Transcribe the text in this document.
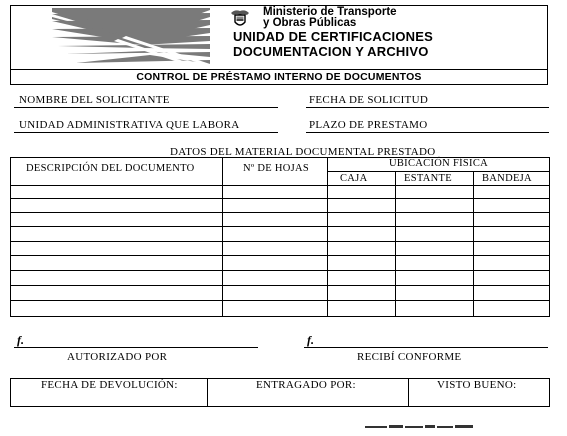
Ministerio de Transporte
y Obras Públicas
UNIDAD DE CERTIFICACIONES
DOCUMENTACION Y ARCHIVO
CONTROL DE PRÉSTAMO INTERNO DE DOCUMENTOS
NOMBRE DEL SOLICITANTE	FECHA DE SOLICITUD
UNIDAD ADMINISTRATIVA QUE LABORA	PLAZO DE PRESTAMO
DATOS DEL MATERIAL DOCUMENTAL PRESTADO
DESCRIPCIÓN DEL DOCUMENTO	Nº DE HOJAS	UBICACIÓN FÍSICA
CAJA	ESTANTE	BANDEJA
f.
AUTORIZADO POR
f.
RECIBÍ CONFORME
FECHA DE DEVOLUCIÓN:	ENTRAGADO POR:	VISTO BUENO:
